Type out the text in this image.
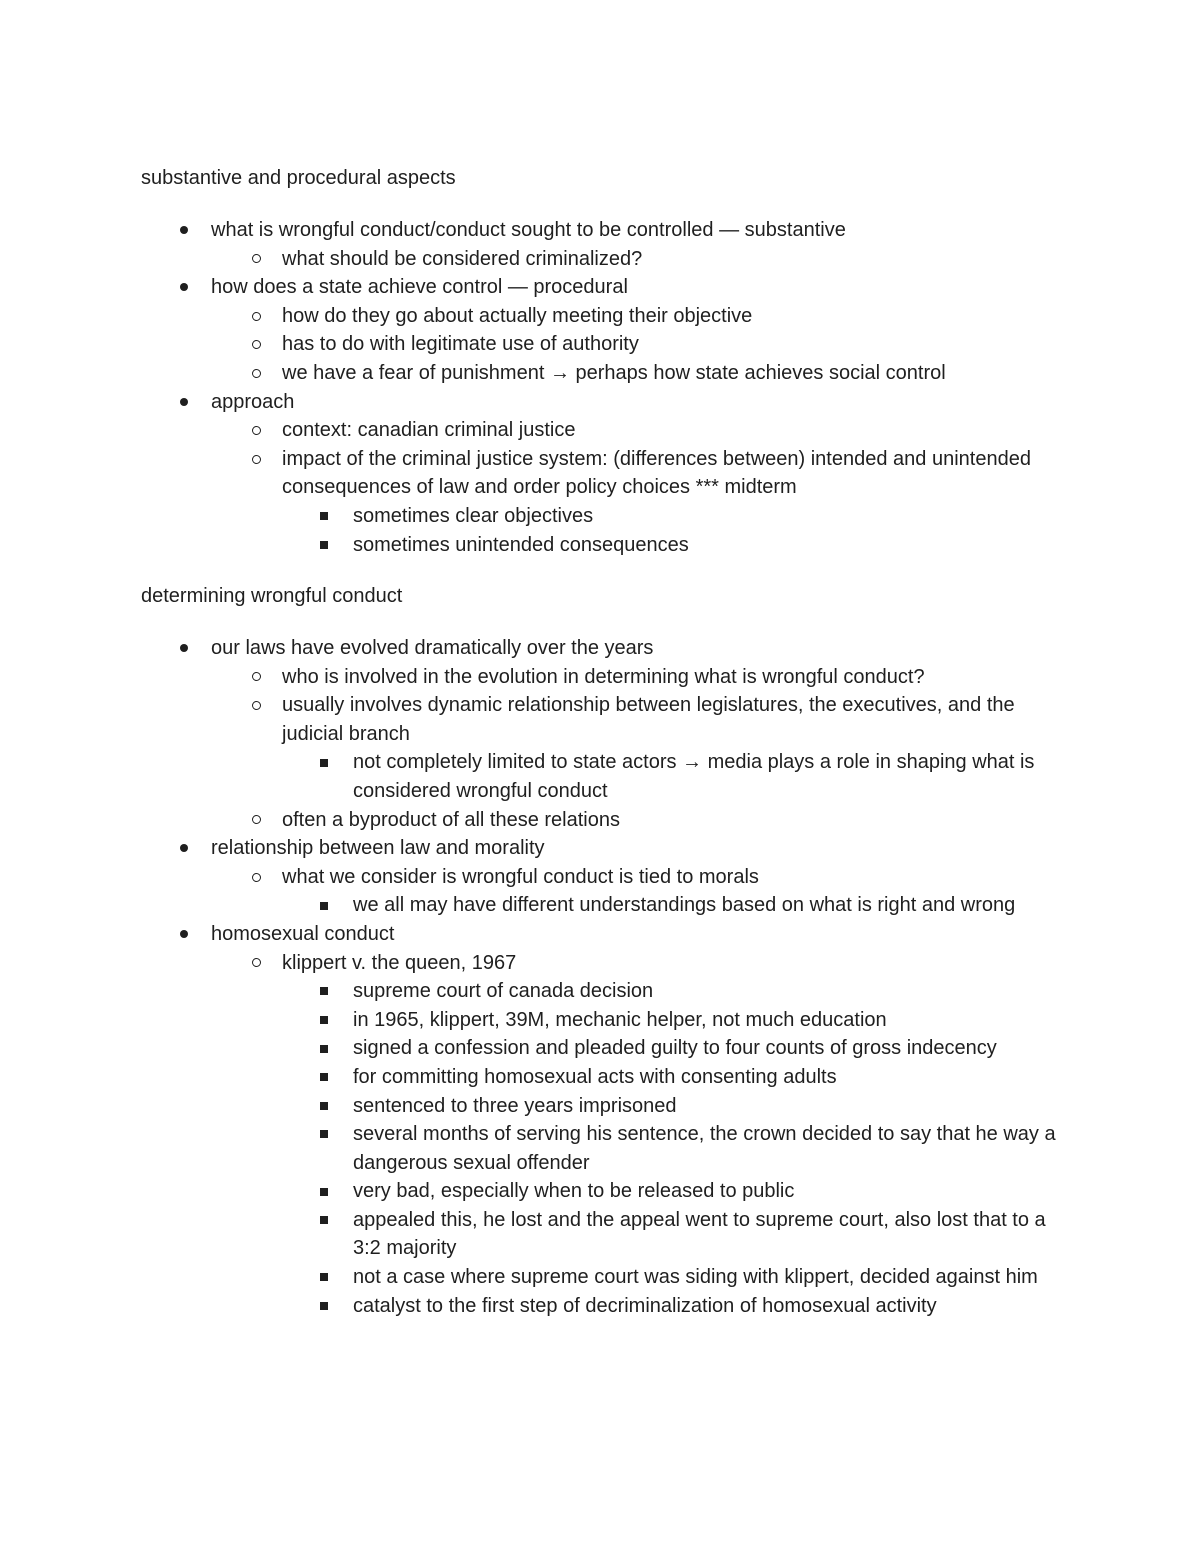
substantive and procedural aspects
what is wrongful conduct/conduct sought to be controlled — substantive
what should be considered criminalized?
how does a state achieve control — procedural
how do they go about actually meeting their objective
has to do with legitimate use of authority
we have a fear of punishment → perhaps how state achieves social control
approach
context: canadian criminal justice
impact of the criminal justice system: (differences between) intended and unintended consequences of law and order policy choices *** midterm
sometimes clear objectives
sometimes unintended consequences
determining wrongful conduct
our laws have evolved dramatically over the years
who is involved in the evolution in determining what is wrongful conduct?
usually involves dynamic relationship between legislatures, the executives, and the judicial branch
not completely limited to state actors → media plays a role in shaping what is considered wrongful conduct
often a byproduct of all these relations
relationship between law and morality
what we consider is wrongful conduct is tied to morals
we all may have different understandings based on what is right and wrong
homosexual conduct
klippert v. the queen, 1967
supreme court of canada decision
in 1965, klippert, 39M, mechanic helper, not much education
signed a confession and pleaded guilty to four counts of gross indecency
for committing homosexual acts with consenting adults
sentenced to three years imprisoned
several months of serving his sentence, the crown decided to say that he way a dangerous sexual offender
very bad, especially when to be released to public
appealed this, he lost and the appeal went to supreme court, also lost that to a 3:2 majority
not a case where supreme court was siding with klippert, decided against him
catalyst to the first step of decriminalization of homosexual activity
